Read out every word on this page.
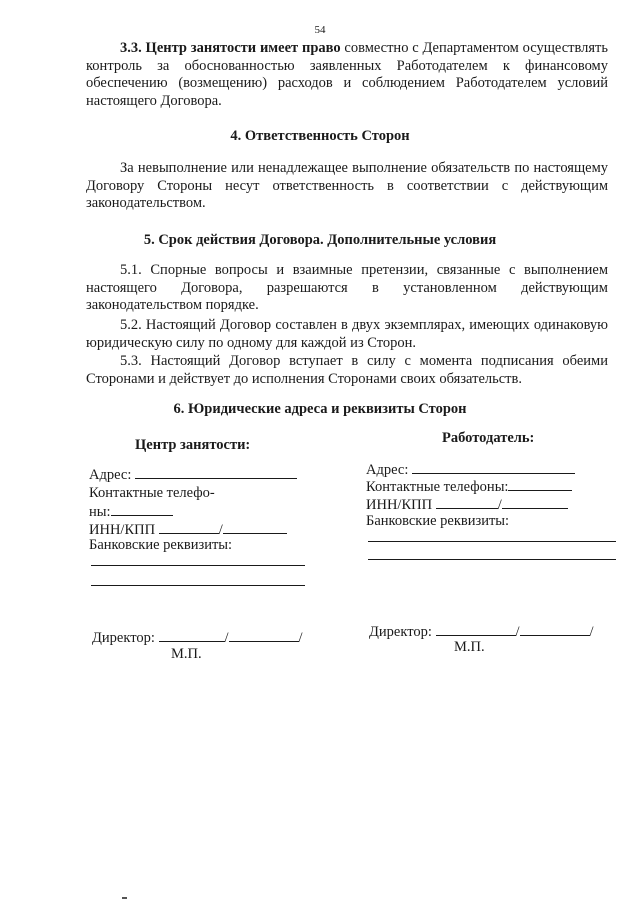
54
3.3. Центр занятости имеет право совместно с Департаментом осуществлять контроль за обоснованностью заявленных Работодателем к финансовому обеспечению (возмещению) расходов и соблюдением Работодателем условий настоящего Договора.
4. Ответственность Сторон
За невыполнение или ненадлежащее выполнение обязательств по настоящему Договору Стороны несут ответственность в соответствии с действующим законодательством.
5. Срок действия Договора. Дополнительные условия
5.1. Спорные вопросы и взаимные претензии, связанные с выполнением настоящего Договора, разрешаются в установленном действующим законодательством порядке.
5.2. Настоящий Договор составлен в двух экземплярах, имеющих одинаковую юридическую силу по одному для каждой из Сторон.
5.3. Настоящий Договор вступает в силу с момента подписания обеими Сторонами и действует до исполнения Сторонами своих обязательств.
6. Юридические адреса и реквизиты Сторон
Центр занятости:
Адрес:
Контактные телефо-
ны:
ИНН/КПП	/
Банковские реквизиты:
Директор:	/	/
М.П.
Работодатель:
Адрес:
Контактные телефоны:
ИНН/КПП	/
Банковские реквизиты:
Директор:	/	/
М.П.
